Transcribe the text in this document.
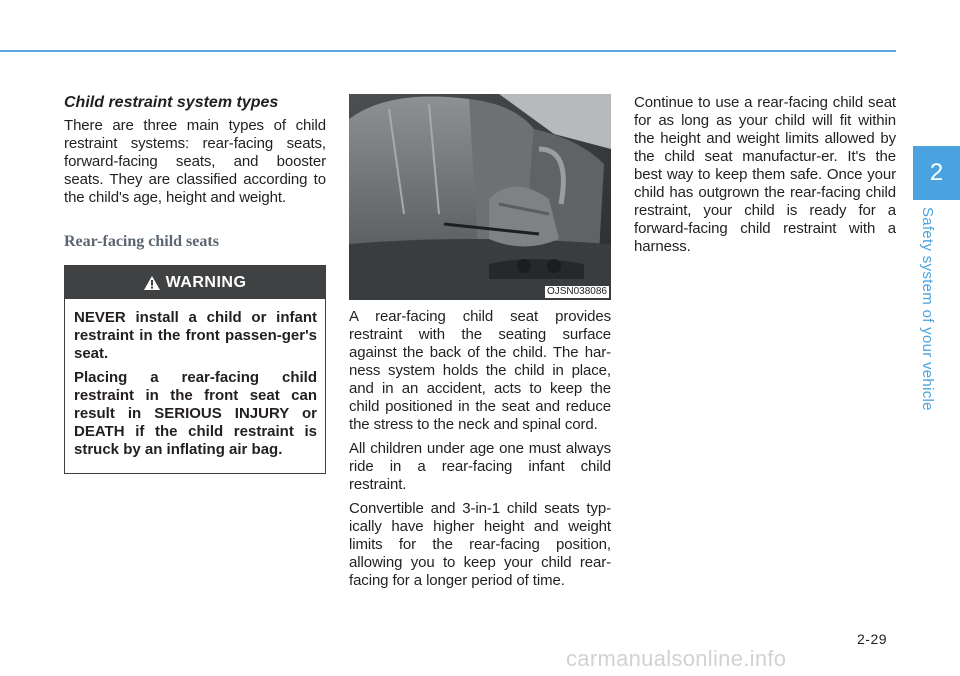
Child restraint system types

There are three main types of child restraint systems: rear-facing seats, forward-facing seats, and booster seats. They are classified according to the child's age, height and weight.

Rear-facing child seats
WARNING

NEVER install a child or infant restraint in the front passen-ger's seat.

Placing a rear-facing child restraint in the front seat can result in SERIOUS INJURY or DEATH if the child restraint is struck by an inflating air bag.

OJSN038086

A rear-facing child seat provides restraint with the seating surface against the back of the child. The har-ness system holds the child in place, and in an accident, acts to keep the child positioned in the seat and reduce the stress to the neck and spinal cord.

All children under age one must always ride in a rear-facing infant child restraint.

Convertible and 3-in-1 child seats typ-ically have higher height and weight limits for the rear-facing position, allowing you to keep your child rear-facing for a longer period of time.

Continue to use a rear-facing child seat for as long as your child will fit within the height and weight limits allowed by the child seat manufactur-er. It's the best way to keep them safe. Once your child has outgrown the rear-facing child restraint, your child is ready for a forward-facing child restraint with a harness.

2
Safety system of your vehicle
2-29
carmanualsonline.info
